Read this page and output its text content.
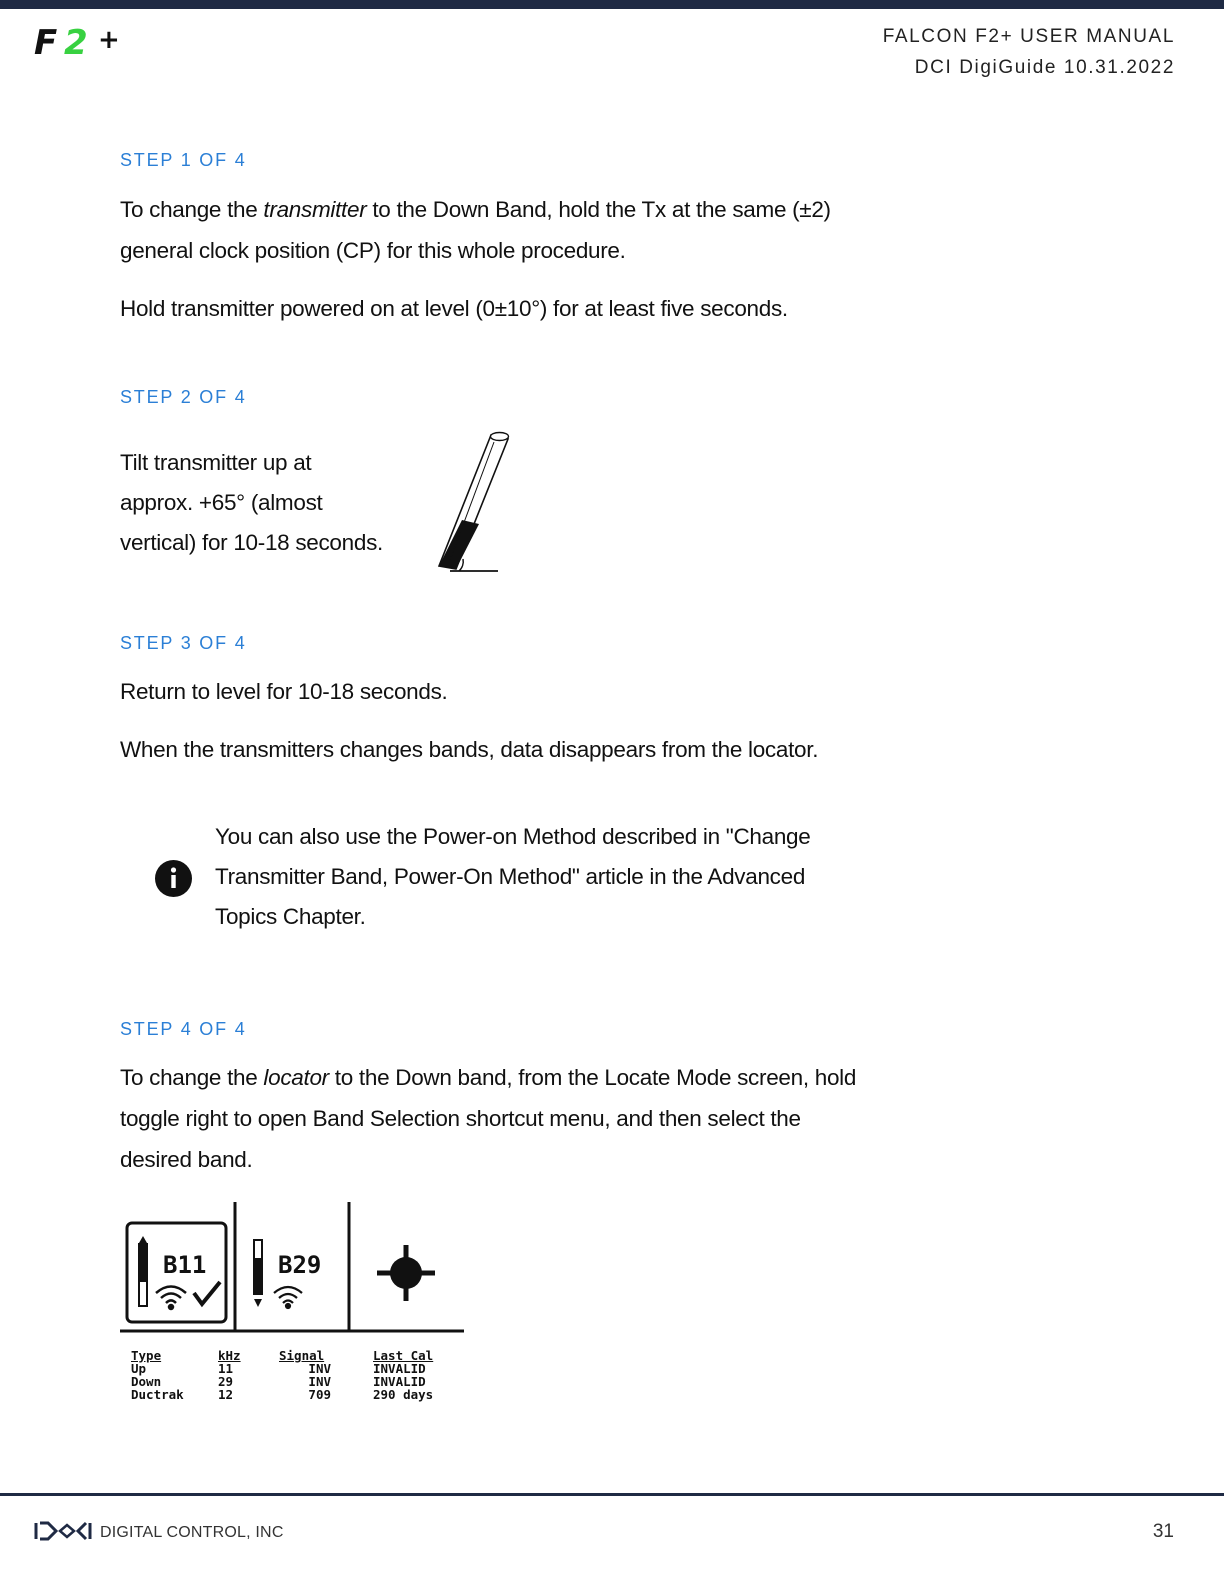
F 2 +	FALCON F2+ USER MANUAL
DCI DigiGuide 10.31.2022
STEP 1 OF 4
To change the transmitter to the Down Band, hold the Tx at the same (±2)
general clock position (CP) for this whole procedure.
Hold transmitter powered on at level (0±10°) for at least five seconds.
STEP 2 OF 4
Tilt transmitter up at
approx. +65° (almost
vertical) for 10-18 seconds.
STEP 3 OF 4
Return to level for 10-18 seconds.
When the transmitters changes bands, data disappears from the locator.
You can also use the Power-on Method described in "Change
Transmitter Band, Power-On Method" article in the Advanced
Topics Chapter.
STEP 4 OF 4
To change the locator to the Down band, from the Locate Mode screen, hold
toggle right to open Band Selection shortcut menu, and then select the
desired band.
B11	B29
Type	kHz	Signal	Last Cal
Up	11	INV	INVALID
Down	29	INV	INVALID
Ductrak	12	709	290 days
DIGITAL CONTROL, INC	31
